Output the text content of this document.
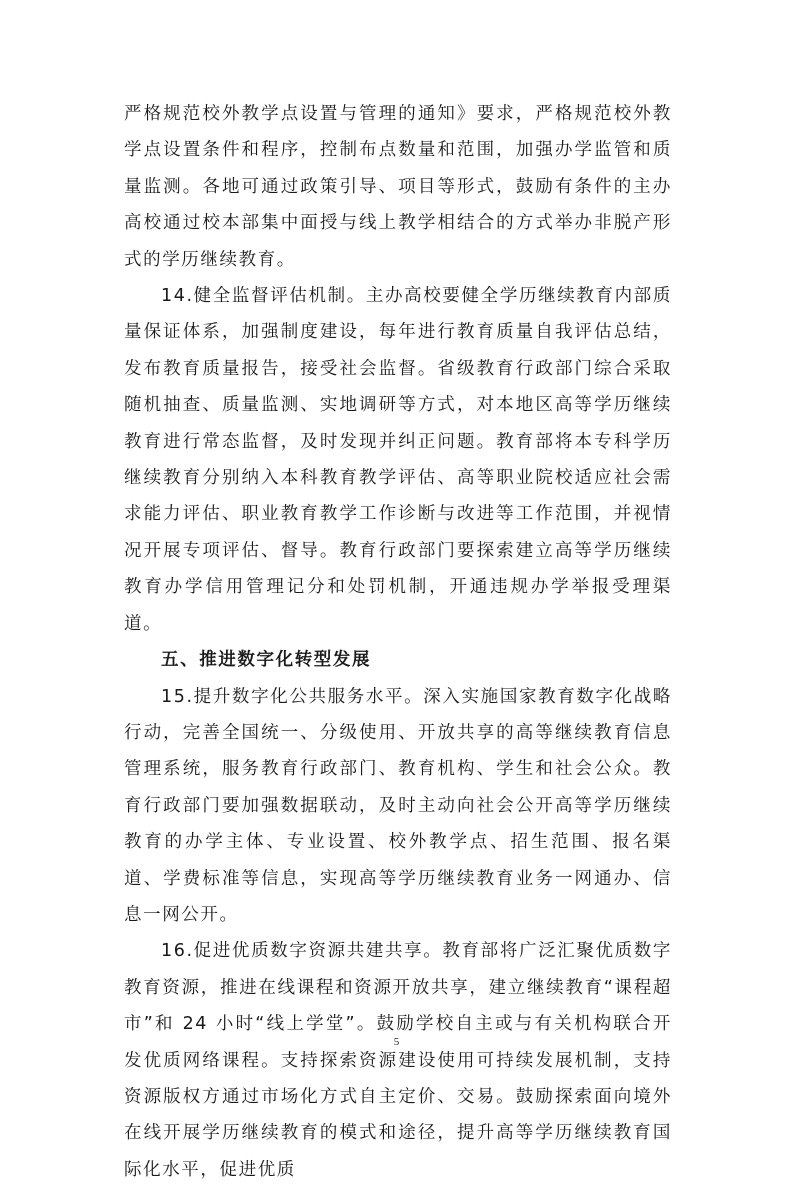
严格规范校外教学点设置与管理的通知》要求，严格规范校外教学点设置条件和程序，控制布点数量和范围，加强办学监管和质量监测。各地可通过政策引导、项目等形式，鼓励有条件的主办高校通过校本部集中面授与线上教学相结合的方式举办非脱产形式的学历继续教育。

14.健全监督评估机制。主办高校要健全学历继续教育内部质量保证体系，加强制度建设，每年进行教育质量自我评估总结，发布教育质量报告，接受社会监督。省级教育行政部门综合采取随机抽查、质量监测、实地调研等方式，对本地区高等学历继续教育进行常态监督，及时发现并纠正问题。教育部将本专科学历继续教育分别纳入本科教育教学评估、高等职业院校适应社会需求能力评估、职业教育教学工作诊断与改进等工作范围，并视情况开展专项评估、督导。教育行政部门要探索建立高等学历继续教育办学信用管理记分和处罚机制，开通违规办学举报受理渠道。

五、推进数字化转型发展

15.提升数字化公共服务水平。深入实施国家教育数字化战略行动，完善全国统一、分级使用、开放共享的高等继续教育信息管理系统，服务教育行政部门、教育机构、学生和社会公众。教育行政部门要加强数据联动，及时主动向社会公开高等学历继续教育的办学主体、专业设置、校外教学点、招生范围、报名渠道、学费标准等信息，实现高等学历继续教育业务一网通办、信息一网公开。

16.促进优质数字资源共建共享。教育部将广泛汇聚优质数字教育资源，推进在线课程和资源开放共享，建立继续教育“课程超市”和 24 小时“线上学堂”。鼓励学校自主或与有关机构联合开发优质网络课程。支持探索资源建设使用可持续发展机制，支持资源版权方通过市场化方式自主定价、交易。鼓励探索面向境外在线开展学历继续教育的模式和途径，提升高等学历继续教育国际化水平，促进优质

5
